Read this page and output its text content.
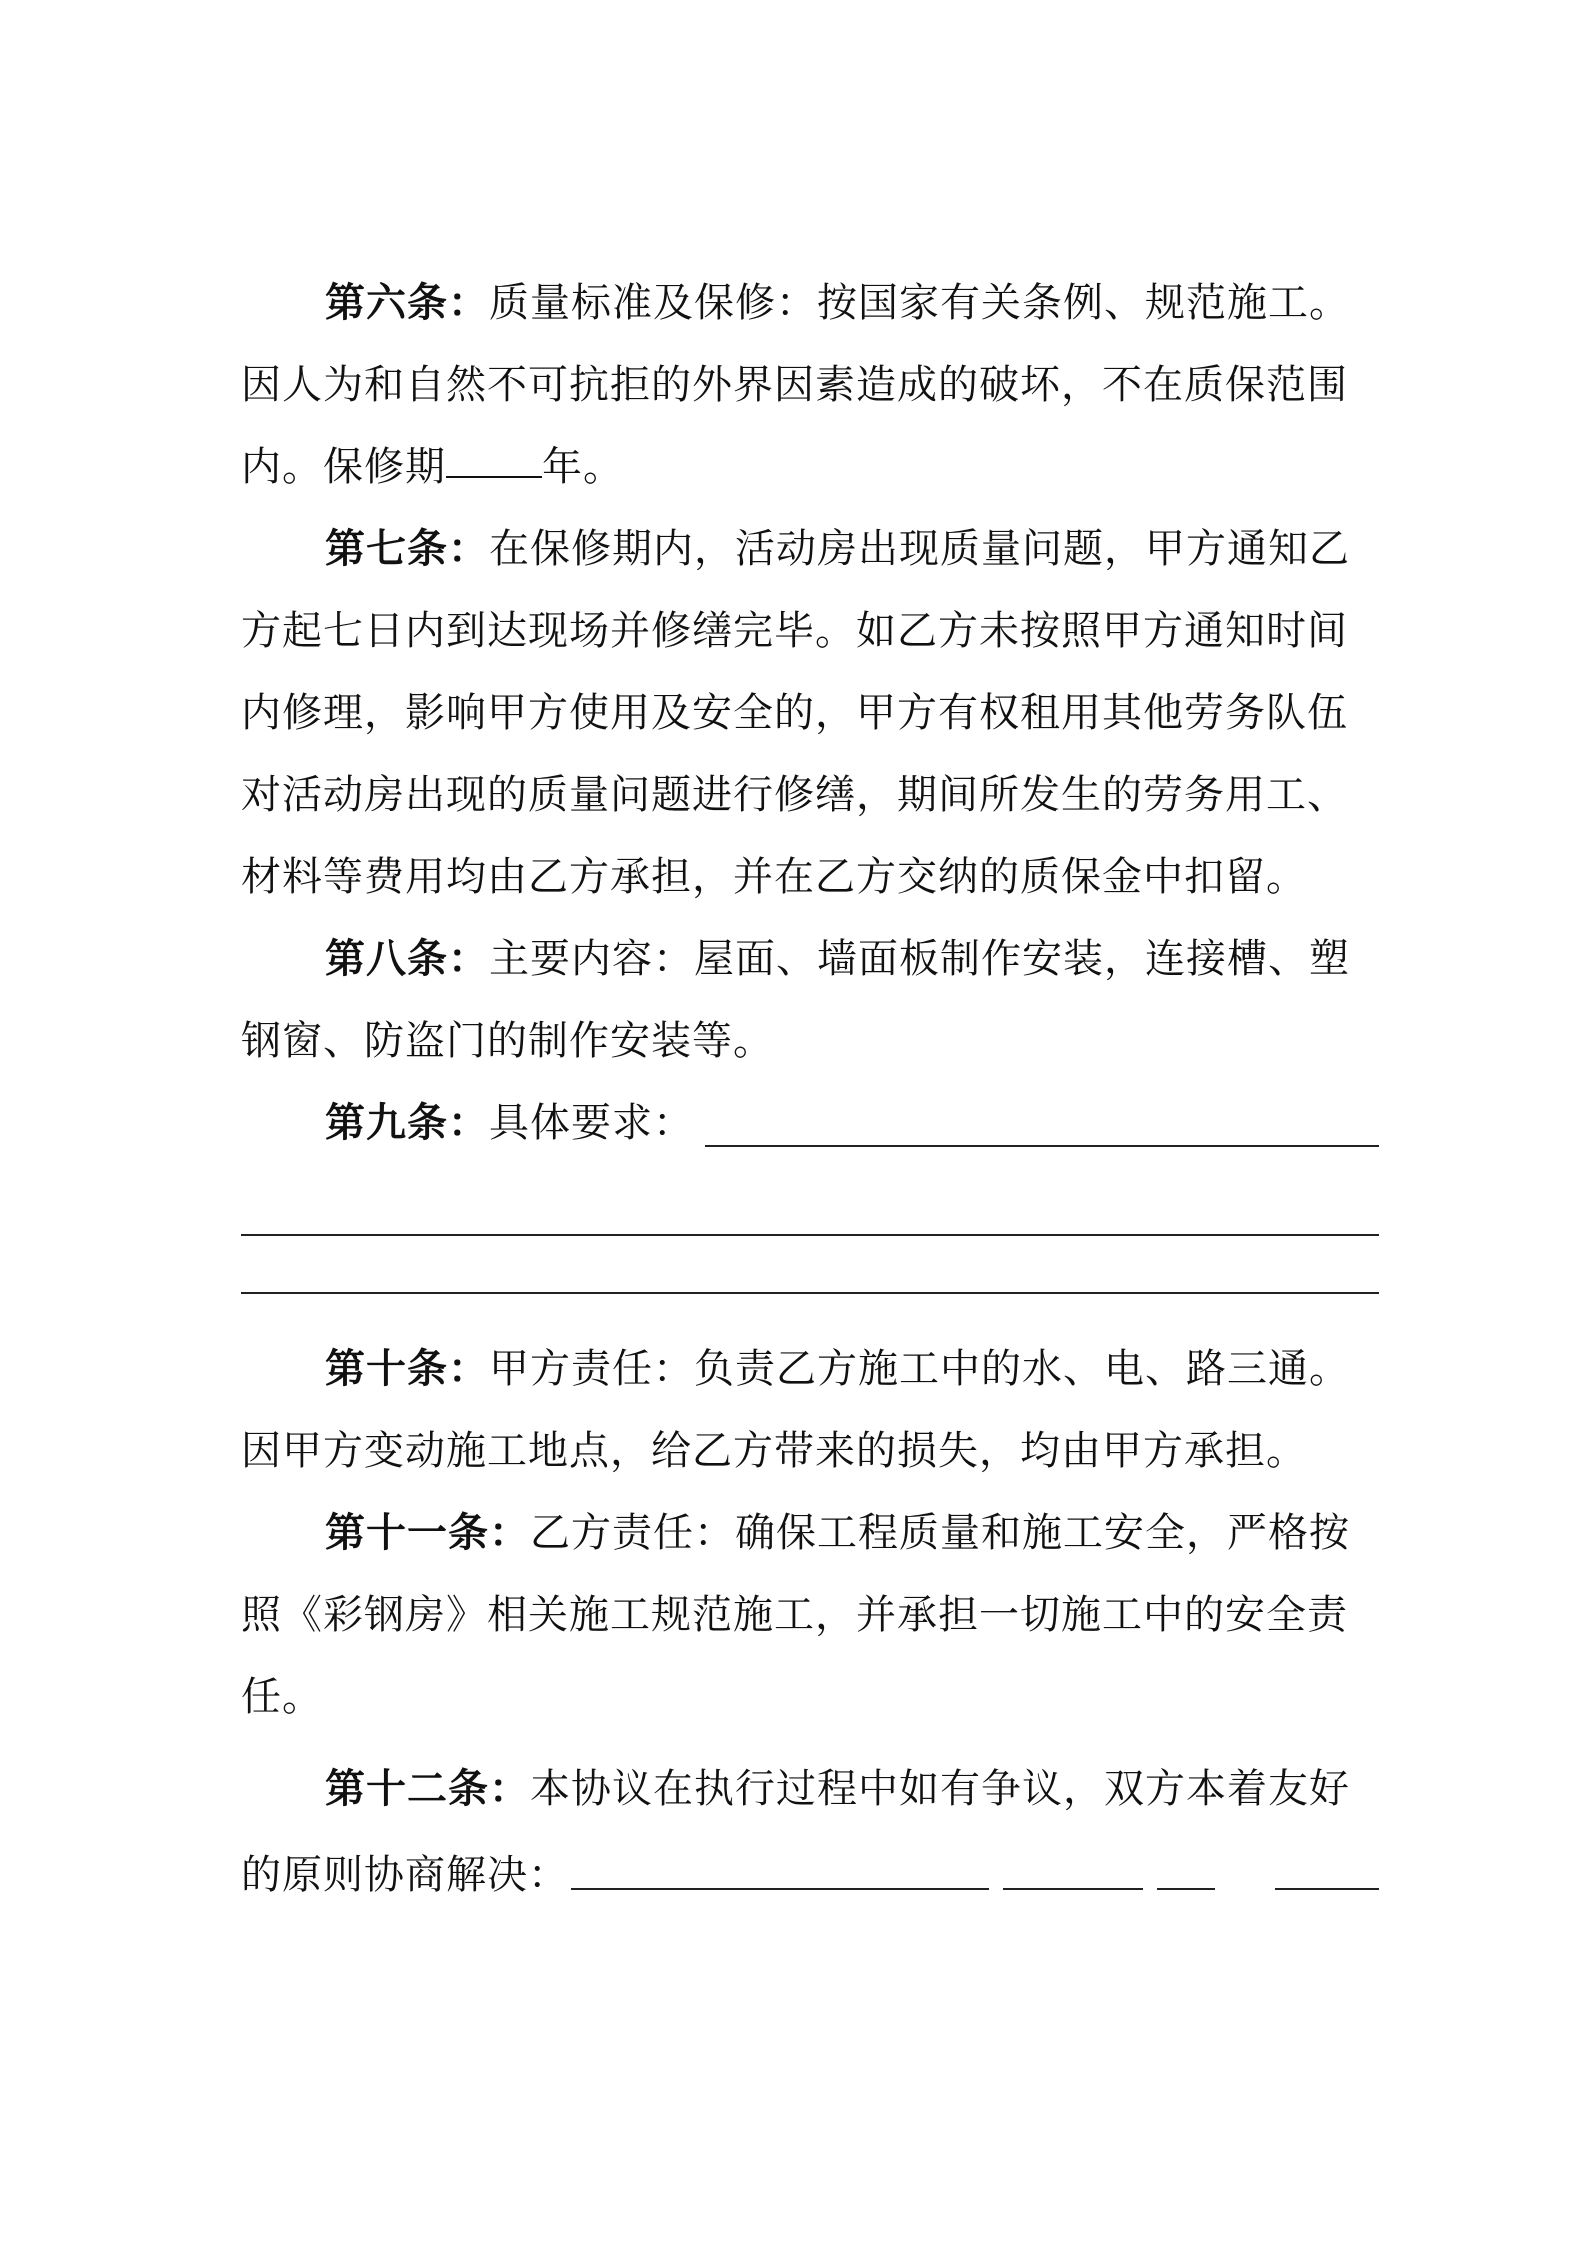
第六条：质量标准及保修：按国家有关条例、规范施工。
因人为和自然不可抗拒的外界因素造成的破坏，不在质保范围
内。保修期 年。
第七条：在保修期内，活动房出现质量问题，甲方通知乙
方起七日内到达现场并修缮完毕。如乙方未按照甲方通知时间
内修理，影响甲方使用及安全的，甲方有权租用其他劳务队伍
对活动房出现的质量问题进行修缮，期间所发生的劳务用工、
材料等费用均由乙方承担，并在乙方交纳的质保金中扣留。
第八条：主要内容：屋面、墙面板制作安装，连接槽、塑
钢窗、防盗门的制作安装等。
第九条：具体要求：
第十条：甲方责任：负责乙方施工中的水、电、路三通。
因甲方变动施工地点，给乙方带来的损失，均由甲方承担。
第十一条：乙方责任：确保工程质量和施工安全，严格按
照《彩钢房》相关施工规范施工，并承担一切施工中的安全责
任。
第十二条：本协议在执行过程中如有争议，双方本着友好
的原则协商解决：
